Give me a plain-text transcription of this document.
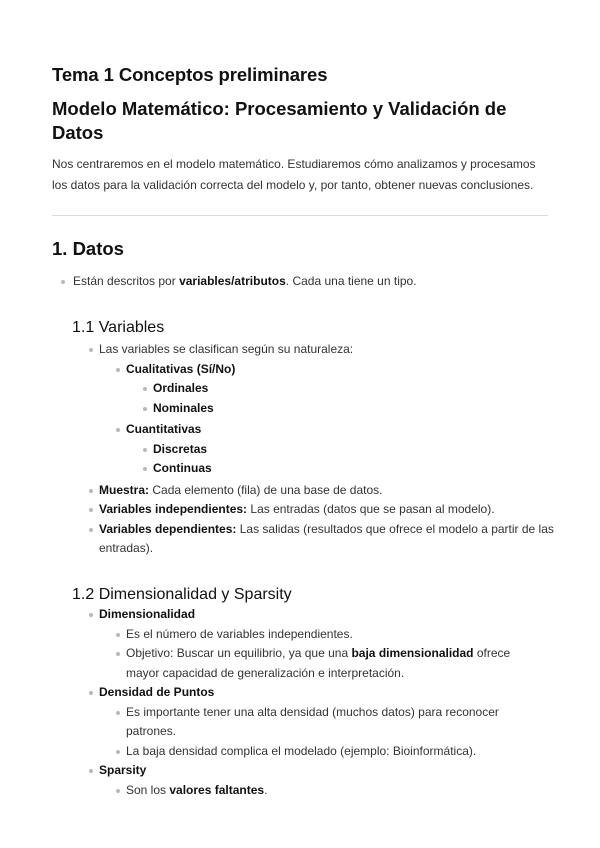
Tema 1 Conceptos preliminares
Modelo Matemático: Procesamiento y Validación de Datos

Nos centraremos en el modelo matemático. Estudiaremos cómo analizamos y procesamos los datos para la validación correcta del modelo y, por tanto, obtener nuevas conclusiones.

1. Datos
Están descritos por variables/atributos. Cada una tiene un tipo.
1.1 Variables
Las variables se clasifican según su naturaleza:
Cualitativas (Sí/No)
Ordinales
Nominales
Cuantitativas
Discretas
Continuas
Muestra: Cada elemento (fila) de una base de datos.
Variables independientes: Las entradas (datos que se pasan al modelo).
Variables dependientes: Las salidas (resultados que ofrece el modelo a partir de las entradas).
1.2 Dimensionalidad y Sparsity
Dimensionalidad
Es el número de variables independientes.
Objetivo: Buscar un equilibrio, ya que una baja dimensionalidad ofrece mayor capacidad de generalización e interpretación.
Densidad de Puntos
Es importante tener una alta densidad (muchos datos) para reconocer patrones.
La baja densidad complica el modelado (ejemplo: Bioinformática).
Sparsity
Son los valores faltantes.
